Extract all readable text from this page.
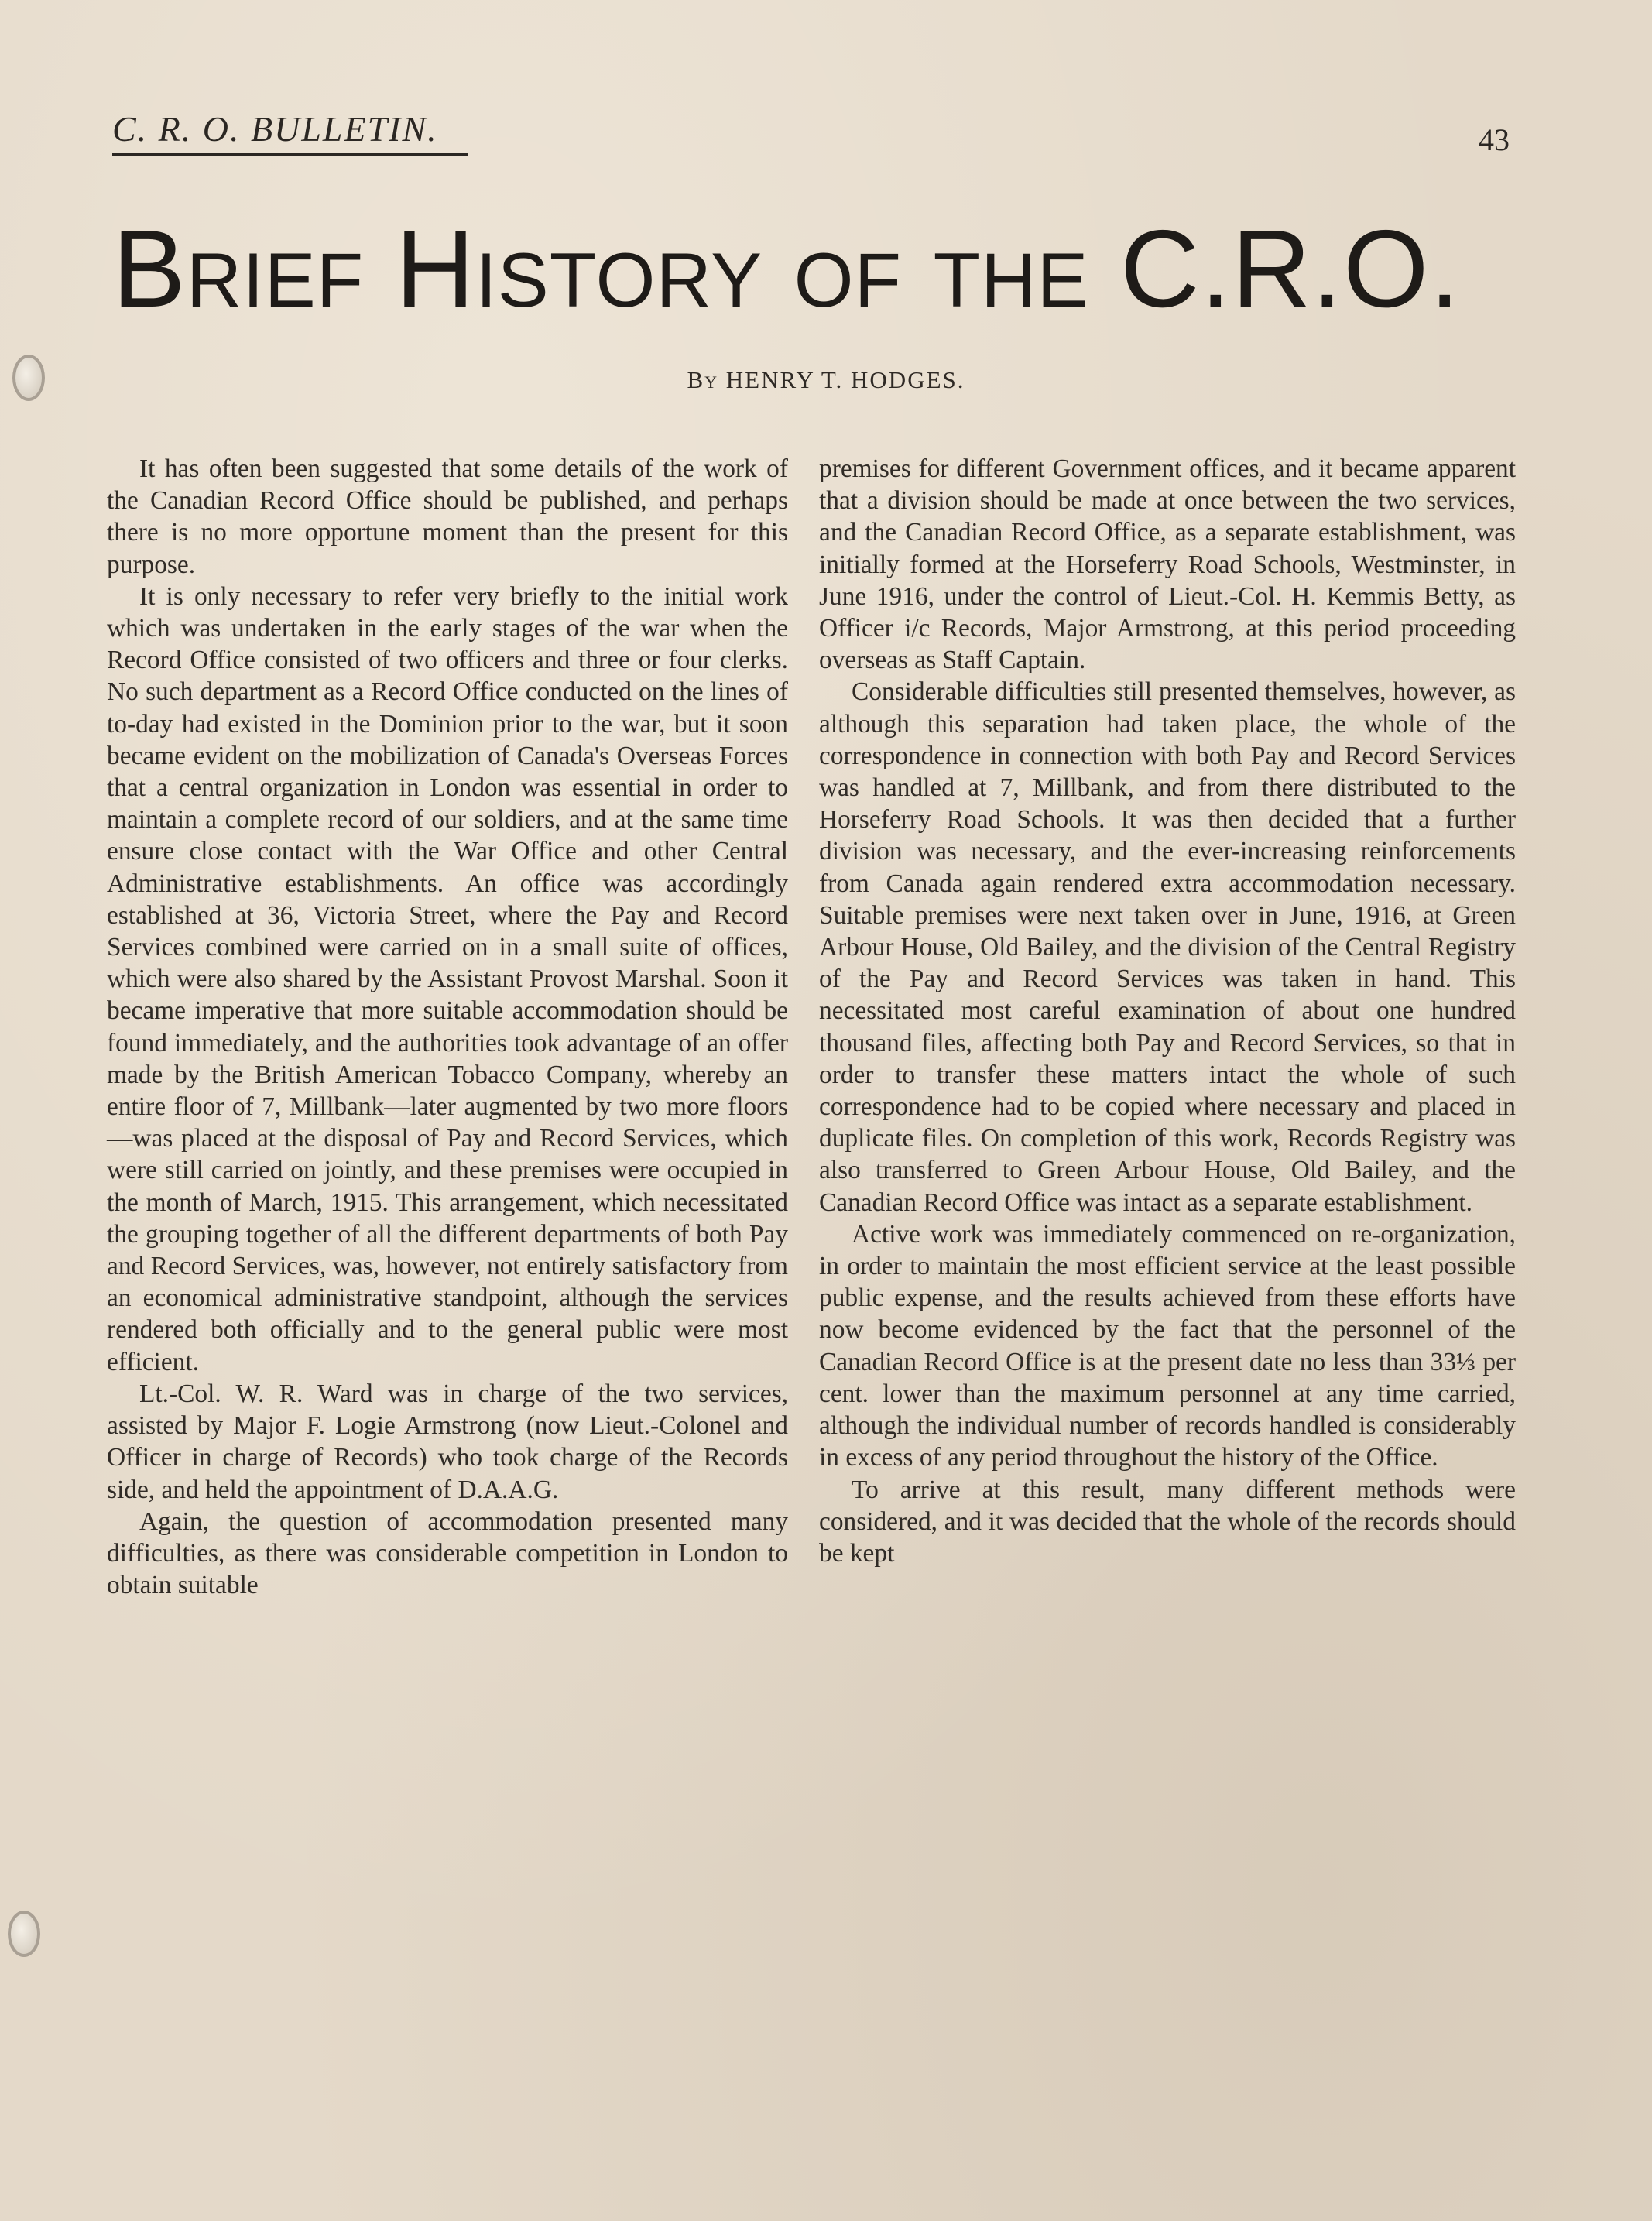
C. R. O. BULLETIN.	43
Brief History of the C.R.O.
By HENRY T. HODGES.

It has often been suggested that some details of the work of the Canadian Record Office should be published, and perhaps there is no more opportune moment than the present for this purpose.

It is only necessary to refer very briefly to the initial work which was undertaken in the early stages of the war when the Record Office consisted of two officers and three or four clerks. No such department as a Record Office conducted on the lines of to-day had existed in the Dominion prior to the war, but it soon became evident on the mobilization of Canada's Overseas Forces that a central organization in London was essential in order to maintain a complete record of our soldiers, and at the same time ensure close contact with the War Office and other Central Administrative establishments. An office was accordingly established at 36, Victoria Street, where the Pay and Record Services combined were carried on in a small suite of offices, which were also shared by the Assistant Provost Marshal. Soon it became imperative that more suitable accommodation should be found immediately, and the authorities took advantage of an offer made by the British American Tobacco Company, whereby an entire floor of 7, Millbank—later augmented by two more floors—was placed at the disposal of Pay and Record Services, which were still carried on jointly, and these premises were occupied in the month of March, 1915. This arrangement, which necessitated the grouping together of all the different departments of both Pay and Record Services, was, however, not entirely satisfactory from an economical administrative standpoint, although the services rendered both officially and to the general public were most efficient.

Lt.-Col. W. R. Ward was in charge of the two services, assisted by Major F. Logie Armstrong (now Lieut.-Colonel and Officer in charge of Records) who took charge of the Records side, and held the appointment of D.A.A.G.

Again, the question of accommodation presented many difficulties, as there was considerable competition in London to obtain suitable

premises for different Government offices, and it became apparent that a division should be made at once between the two services, and the Canadian Record Office, as a separate establishment, was initially formed at the Horseferry Road Schools, Westminster, in June 1916, under the control of Lieut.-Col. H. Kemmis Betty, as Officer i/c Records, Major Armstrong, at this period proceeding overseas as Staff Captain.

Considerable difficulties still presented themselves, however, as although this separation had taken place, the whole of the correspondence in connection with both Pay and Record Services was handled at 7, Millbank, and from there distributed to the Horseferry Road Schools. It was then decided that a further division was necessary, and the ever-increasing reinforcements from Canada again rendered extra accommodation necessary. Suitable premises were next taken over in June, 1916, at Green Arbour House, Old Bailey, and the division of the Central Registry of the Pay and Record Services was taken in hand. This necessitated most careful examination of about one hundred thousand files, affecting both Pay and Record Services, so that in order to transfer these matters intact the whole of such correspondence had to be copied where necessary and placed in duplicate files. On completion of this work, Records Registry was also transferred to Green Arbour House, Old Bailey, and the Canadian Record Office was intact as a separate establishment.

Active work was immediately commenced on re-organization, in order to maintain the most efficient service at the least possible public expense, and the results achieved from these efforts have now become evidenced by the fact that the personnel of the Canadian Record Office is at the present date no less than 33⅓ per cent. lower than the maximum personnel at any time carried, although the individual number of records handled is considerably in excess of any period throughout the history of the Office.

To arrive at this result, many different methods were considered, and it was decided that the whole of the records should be kept
